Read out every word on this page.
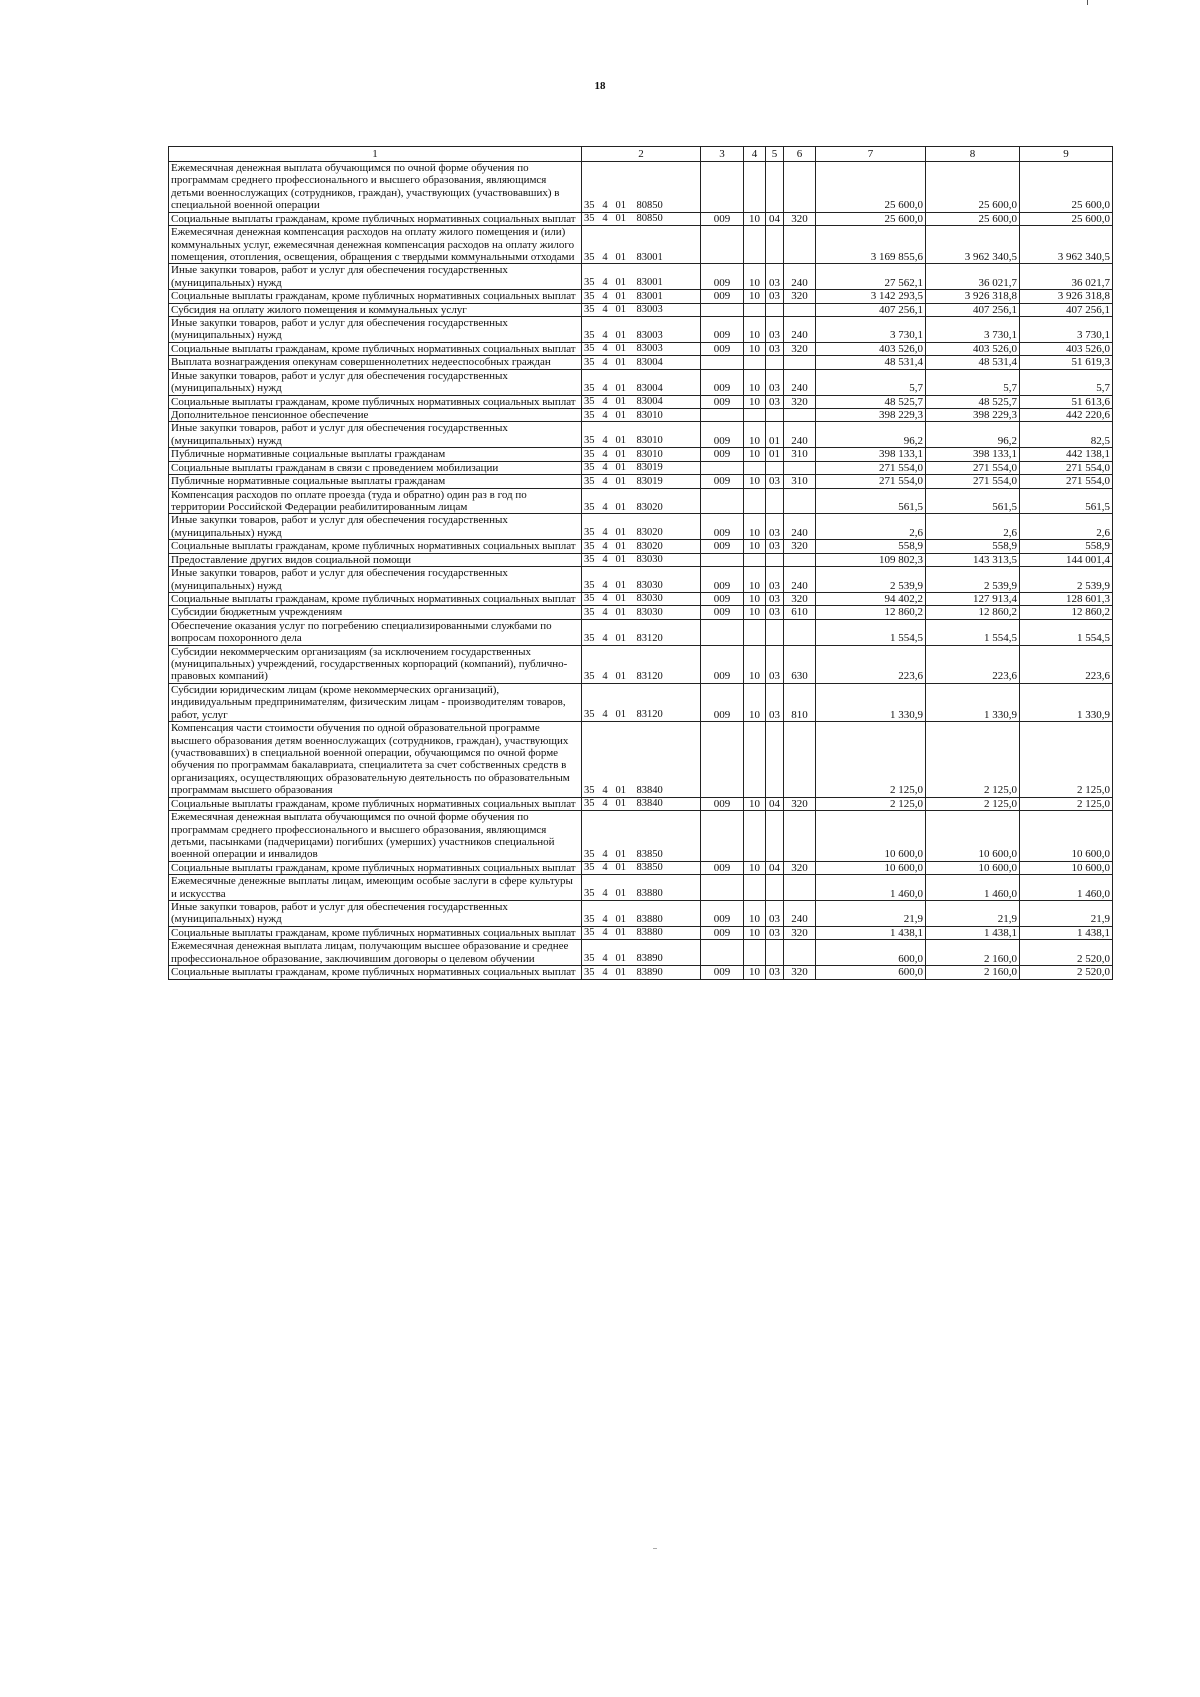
18
1	2	3	4	5	6	7	8	9
Ежемесячная денежная выплата обучающимся по очной форме обучения по программам среднего профессионального и высшего образования, являющимся детьми военнослужащих (сотрудников, граждан), участвующих (участвовавших) в специальной военной операции	35   4   01    80850					25 600,0	25 600,0	25 600,0
Социальные выплаты гражданам, кроме публичных нормативных социальных выплат	35   4   01    80850	009	10	04	320	25 600,0	25 600,0	25 600,0
Ежемесячная денежная компенсация расходов на оплату жилого помещения и (или) коммунальных услуг, ежемесячная денежная компенсация расходов на оплату жилого помещения, отопления, освещения, обращения с твердыми коммунальными отходами	35   4   01    83001					3 169 855,6	3 962 340,5	3 962 340,5
Иные закупки товаров, работ и услуг для обеспечения государственных (муниципальных) нужд	35   4   01    83001	009	10	03	240	27 562,1	36 021,7	36 021,7
Социальные выплаты гражданам, кроме публичных нормативных социальных выплат	35   4   01    83001	009	10	03	320	3 142 293,5	3 926 318,8	3 926 318,8
Субсидия на оплату жилого помещения и коммунальных услуг	35   4   01    83003					407 256,1	407 256,1	407 256,1
Иные закупки товаров, работ и услуг для обеспечения государственных (муниципальных) нужд	35   4   01    83003	009	10	03	240	3 730,1	3 730,1	3 730,1
Социальные выплаты гражданам, кроме публичных нормативных социальных выплат	35   4   01    83003	009	10	03	320	403 526,0	403 526,0	403 526,0
Выплата вознаграждения опекунам совершеннолетних недееспособных граждан	35   4   01    83004					48 531,4	48 531,4	51 619,3
Иные закупки товаров, работ и услуг для обеспечения государственных (муниципальных) нужд	35   4   01    83004	009	10	03	240	5,7	5,7	5,7
Социальные выплаты гражданам, кроме публичных нормативных социальных выплат	35   4   01    83004	009	10	03	320	48 525,7	48 525,7	51 613,6
Дополнительное пенсионное обеспечение	35   4   01    83010					398 229,3	398 229,3	442 220,6
Иные закупки товаров, работ и услуг для обеспечения государственных (муниципальных) нужд	35   4   01    83010	009	10	01	240	96,2	96,2	82,5
Публичные нормативные социальные выплаты гражданам	35   4   01    83010	009	10	01	310	398 133,1	398 133,1	442 138,1
Социальные выплаты гражданам в связи с проведением мобилизации	35   4   01    83019					271 554,0	271 554,0	271 554,0
Публичные нормативные социальные выплаты гражданам	35   4   01    83019	009	10	03	310	271 554,0	271 554,0	271 554,0
Компенсация расходов по оплате проезда (туда и обратно) один раз в год по территории Российской Федерации реабилитированным лицам	35   4   01    83020					561,5	561,5	561,5
Иные закупки товаров, работ и услуг для обеспечения государственных (муниципальных) нужд	35   4   01    83020	009	10	03	240	2,6	2,6	2,6
Социальные выплаты гражданам, кроме публичных нормативных социальных выплат	35   4   01    83020	009	10	03	320	558,9	558,9	558,9
Предоставление других видов социальной помощи	35   4   01    83030					109 802,3	143 313,5	144 001,4
Иные закупки товаров, работ и услуг для обеспечения государственных (муниципальных) нужд	35   4   01    83030	009	10	03	240	2 539,9	2 539,9	2 539,9
Социальные выплаты гражданам, кроме публичных нормативных социальных выплат	35   4   01    83030	009	10	03	320	94 402,2	127 913,4	128 601,3
Субсидии бюджетным учреждениям	35   4   01    83030	009	10	03	610	12 860,2	12 860,2	12 860,2
Обеспечение оказания услуг по погребению специализированными службами по вопросам похоронного дела	35   4   01    83120					1 554,5	1 554,5	1 554,5
Субсидии некоммерческим организациям (за исключением государственных (муниципальных) учреждений, государственных корпораций (компаний), публично-правовых компаний)	35   4   01    83120	009	10	03	630	223,6	223,6	223,6
Субсидии юридическим лицам (кроме некоммерческих организаций), индивидуальным предпринимателям, физическим лицам - производителям товаров, работ, услуг	35   4   01    83120	009	10	03	810	1 330,9	1 330,9	1 330,9
Компенсация части стоимости обучения по одной образовательной программе высшего образования детям военнослужащих (сотрудников, граждан), участвующих (участвовавших) в специальной военной операции, обучающимся по очной форме обучения по программам бакалавриата, специалитета за счет собственных средств в организациях, осуществляющих образовательную деятельность по образовательным программам высшего образования	35   4   01    83840					2 125,0	2 125,0	2 125,0
Социальные выплаты гражданам, кроме публичных нормативных социальных выплат	35   4   01    83840	009	10	04	320	2 125,0	2 125,0	2 125,0
Ежемесячная денежная выплата обучающимся по очной форме обучения по программам среднего профессионального и высшего образования, являющимся детьми, пасынками (падчерицами) погибших (умерших) участников специальной военной операции и инвалидов	35   4   01    83850					10 600,0	10 600,0	10 600,0
Социальные выплаты гражданам, кроме публичных нормативных социальных выплат	35   4   01    83850	009	10	04	320	10 600,0	10 600,0	10 600,0
Ежемесячные денежные выплаты лицам, имеющим особые заслуги в сфере культуры и искусства	35   4   01    83880					1 460,0	1 460,0	1 460,0
Иные закупки товаров, работ и услуг для обеспечения государственных (муниципальных) нужд	35   4   01    83880	009	10	03	240	21,9	21,9	21,9
Социальные выплаты гражданам, кроме публичных нормативных социальных выплат	35   4   01    83880	009	10	03	320	1 438,1	1 438,1	1 438,1
Ежемесячная денежная выплата лицам, получающим высшее образование и среднее профессиональное образование, заключившим договоры о целевом обучении	35   4   01    83890					600,0	2 160,0	2 520,0
Социальные выплаты гражданам, кроме публичных нормативных социальных выплат	35   4   01    83890	009	10	03	320	600,0	2 160,0	2 520,0
